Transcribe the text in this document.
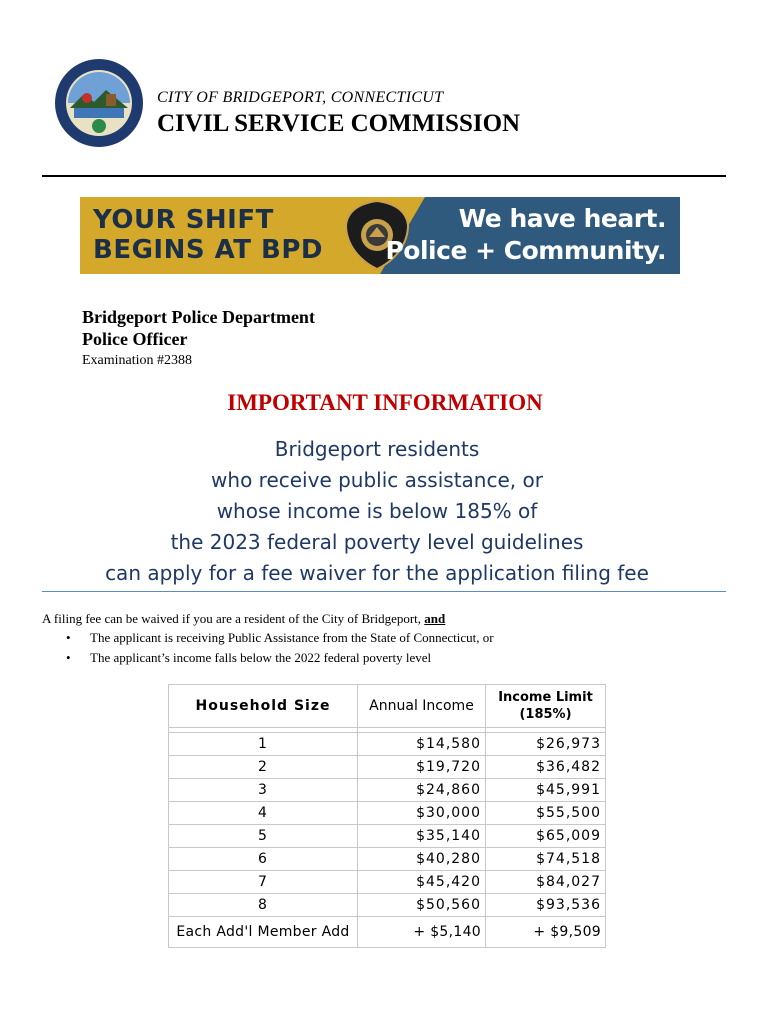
CITY OF BRIDGEPORT, CONNECTICUT
CIVIL SERVICE COMMISSION
YOUR SHIFT
BEGINS AT BPD
We have heart.
Police + Community.
Bridgeport Police Department
Police Officer
Examination #2388
IMPORTANT INFORMATION
Bridgeport residents
who receive public assistance, or
whose income is below 185% of
the 2023 federal poverty level guidelines
can apply for a fee waiver for the application filing fee
A filing fee can be waived if you are a resident of the City of Bridgeport, and
• The applicant is receiving Public Assistance from the State of Connecticut, or
• The applicant’s income falls below the 2022 federal poverty level
Household Size	Annual Income	Income Limit (185%)

1	$14,580	$26,973
2	$19,720	$36,482
3	$24,860	$45,991
4	$30,000	$55,500
5	$35,140	$65,009
6	$40,280	$74,518
7	$45,420	$84,027
8	$50,560	$93,536
Each Add'l Member Add	+ $5,140	+ $9,509
